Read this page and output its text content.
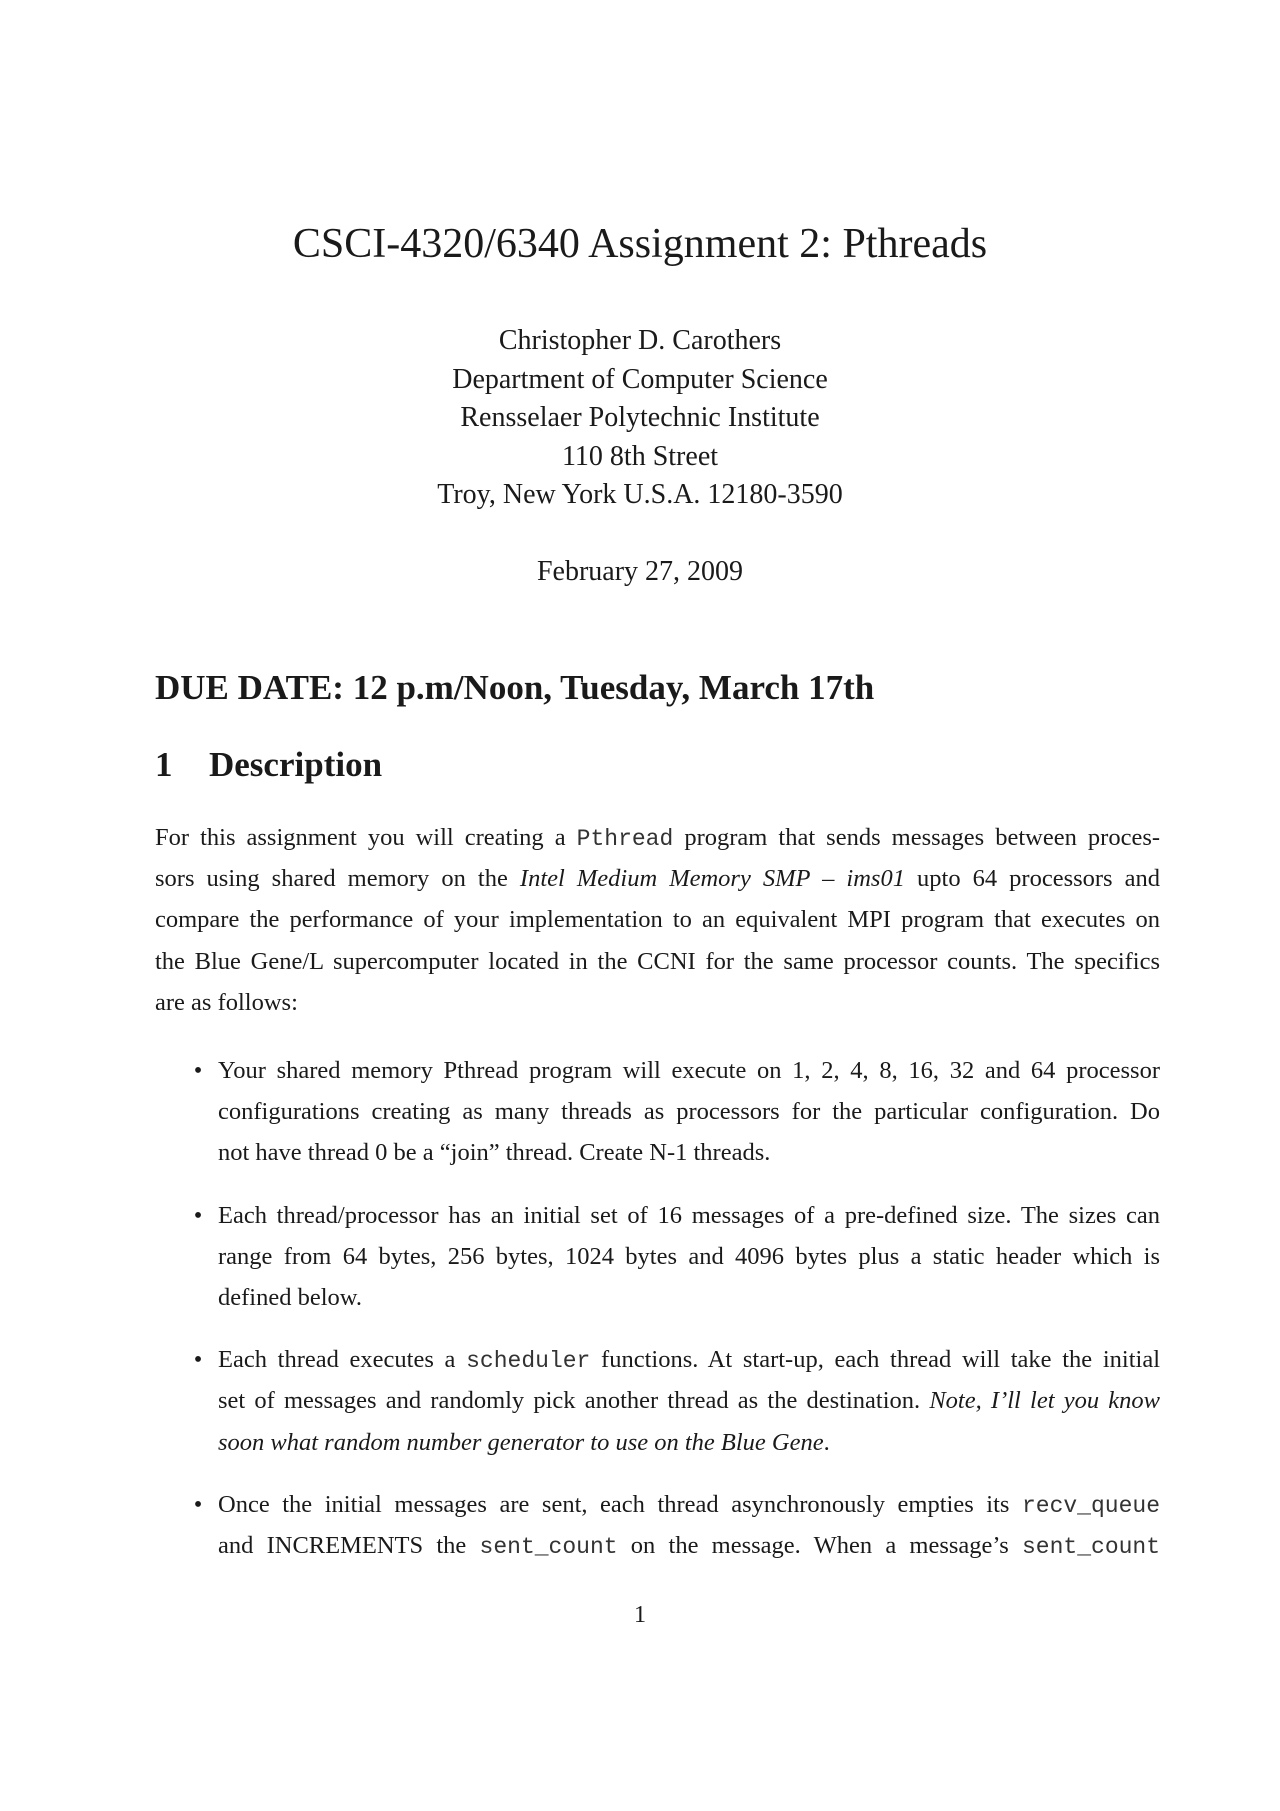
CSCI-4320/6340 Assignment 2: Pthreads
Christopher D. Carothers
Department of Computer Science
Rensselaer Polytechnic Institute
110 8th Street
Troy, New York U.S.A. 12180-3590
February 27, 2009
DUE DATE: 12 p.m/Noon, Tuesday, March 17th
1 Description
For this assignment you will creating a Pthread program that sends messages between proces-
sors using shared memory on the Intel Medium Memory SMP – ims01 upto 64 processors and
compare the performance of your implementation to an equivalent MPI program that executes on
the Blue Gene/L supercomputer located in the CCNI for the same processor counts. The specifics
are as follows:
• Your shared memory Pthread program will execute on 1, 2, 4, 8, 16, 32 and 64 processor
configurations creating as many threads as processors for the particular configuration. Do
not have thread 0 be a “join” thread. Create N-1 threads.
• Each thread/processor has an initial set of 16 messages of a pre-defined size. The sizes can
range from 64 bytes, 256 bytes, 1024 bytes and 4096 bytes plus a static header which is
defined below.
• Each thread executes a scheduler functions. At start-up, each thread will take the initial
set of messages and randomly pick another thread as the destination. Note, I’ll let you know
soon what random number generator to use on the Blue Gene.
• Once the initial messages are sent, each thread asynchronously empties its recv_queue
and INCREMENTS the sent_count on the message. When a message’s sent_count
1
